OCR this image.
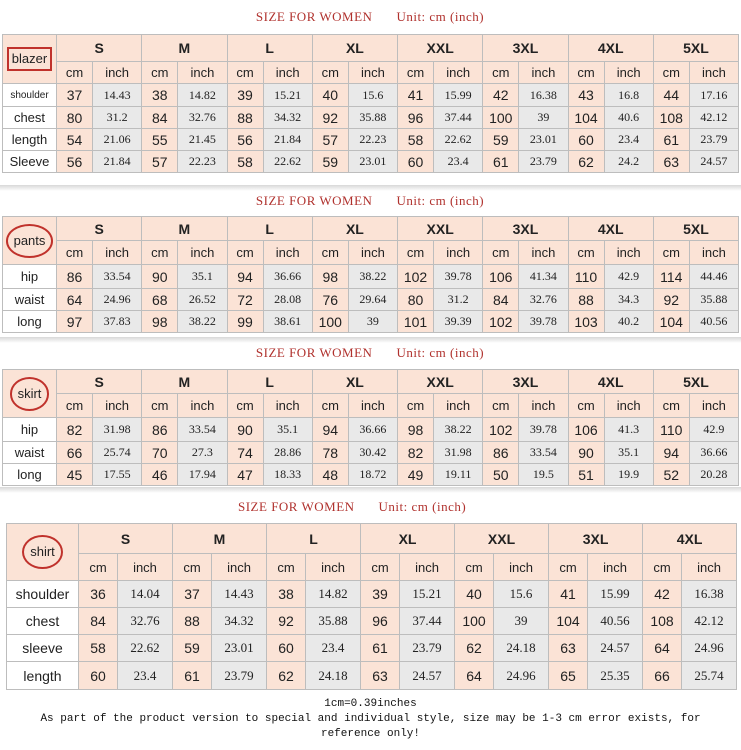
SIZE FOR WOMEN Unit: cm (inch)
blazer	S		M		L		XL		XXL		3XL		4XL		5XL	
	cm	inch	cm	inch	cm	inch	cm	inch	cm	inch	cm	inch	cm	inch	cm	inch
shoulder	37	14.43	38	14.82	39	15.21	40	15.6	41	15.99	42	16.38	43	16.8	44	17.16
chest	80	31.2	84	32.76	88	34.32	92	35.88	96	37.44	100	39	104	40.6	108	42.12
length	54	21.06	55	21.45	56	21.84	57	22.23	58	22.62	59	23.01	60	23.4	61	23.79
Sleeve	56	21.84	57	22.23	58	22.62	59	23.01	60	23.4	61	23.79	62	24.2	63	24.57
SIZE FOR WOMEN Unit: cm (inch)
pants	S		M		L		XL		XXL		3XL		4XL		5XL	
	cm	inch	cm	inch	cm	inch	cm	inch	cm	inch	cm	inch	cm	inch	cm	inch
hip	86	33.54	90	35.1	94	36.66	98	38.22	102	39.78	106	41.34	110	42.9	114	44.46
waist	64	24.96	68	26.52	72	28.08	76	29.64	80	31.2	84	32.76	88	34.3	92	35.88
long	97	37.83	98	38.22	99	38.61	100	39	101	39.39	102	39.78	103	40.2	104	40.56
SIZE FOR WOMEN Unit: cm (inch)
skirt	S		M		L		XL		XXL		3XL		4XL		5XL	
	cm	inch	cm	inch	cm	inch	cm	inch	cm	inch	cm	inch	cm	inch	cm	inch
hip	82	31.98	86	33.54	90	35.1	94	36.66	98	38.22	102	39.78	106	41.3	110	42.9
waist	66	25.74	70	27.3	74	28.86	78	30.42	82	31.98	86	33.54	90	35.1	94	36.66
long	45	17.55	46	17.94	47	18.33	48	18.72	49	19.11	50	19.5	51	19.9	52	20.28
SIZE FOR WOMEN Unit: cm (inch)
shirt	S		M		L		XL		XXL		3XL		4XL	
	cm	inch	cm	inch	cm	inch	cm	inch	cm	inch	cm	inch	cm	inch
shoulder	36	14.04	37	14.43	38	14.82	39	15.21	40	15.6	41	15.99	42	16.38
chest	84	32.76	88	34.32	92	35.88	96	37.44	100	39	104	40.56	108	42.12
sleeve	58	22.62	59	23.01	60	23.4	61	23.79	62	24.18	63	24.57	64	24.96
length	60	23.4	61	23.79	62	24.18	63	24.57	64	24.96	65	25.35	66	25.74
1cm=0.39inches
As part of the product version to special and individual style, size may be 1-3 cm error exists, for reference only!
